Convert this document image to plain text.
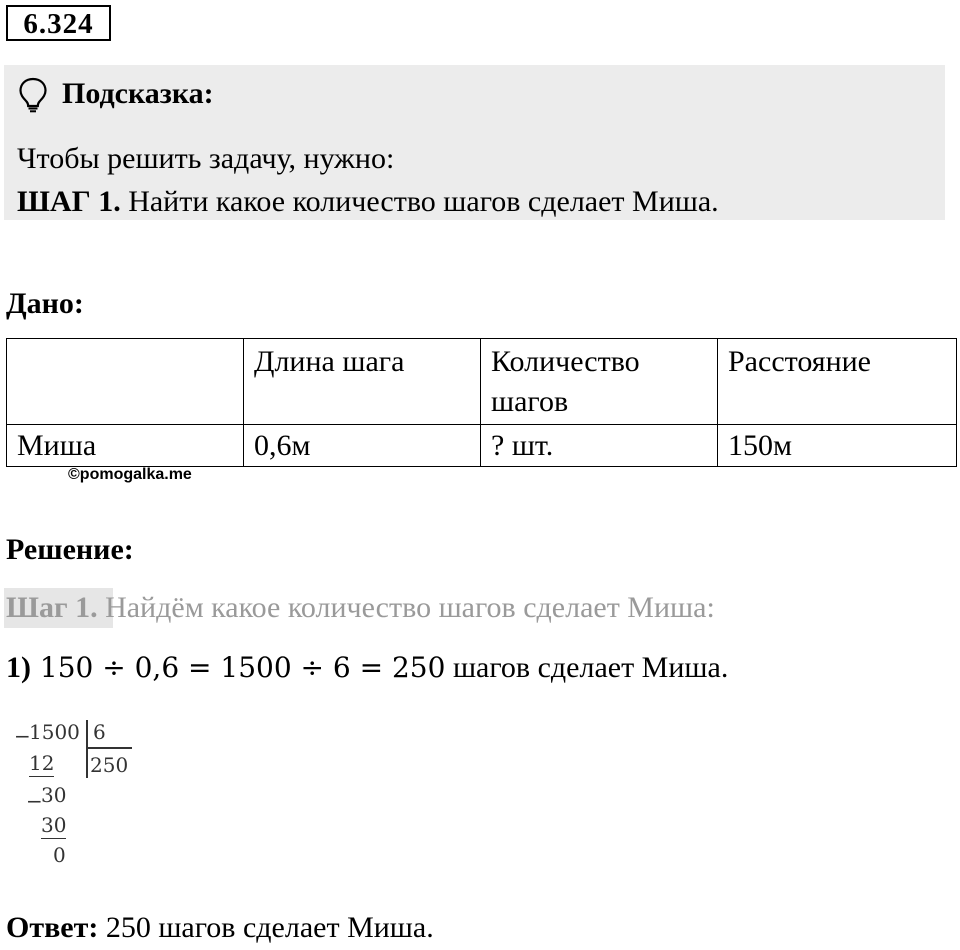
6.324
Подсказка:
Чтобы решить задачу, нужно:
ШАГ 1. Найти какое количество шагов сделает Миша.
Дано:
	Длина шага	Количество шагов	Расстояние
Миша	0,6м	? шт.	150м
©pomogalka.me
Решение:
Шаг 1. Найдём какое количество шагов сделает Миша:
1) 150 ÷ 0,6 = 1500 ÷ 6 = 250 шагов сделает Миша.
−
1500 6
250
12
−
30
30
0
Ответ: 250 шагов сделает Миша.
